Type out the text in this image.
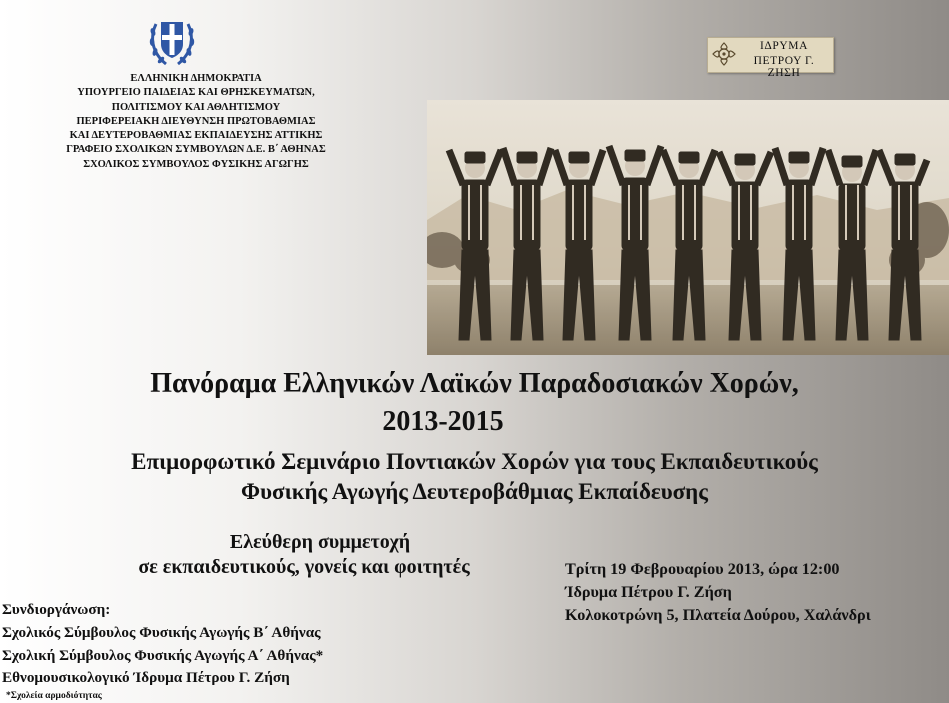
ΕΛΛΗΝΙΚΗ ΔΗΜΟΚΡΑΤΙΑ
ΥΠΟΥΡΓΕΙΟ ΠΑΙΔΕΙΑΣ ΚΑΙ ΘΡΗΣΚΕΥΜΑΤΩΝ,
ΠΟΛΙΤΙΣΜΟΥ ΚΑΙ ΑΘΛΗΤΙΣΜΟΥ
ΠΕΡΙΦΕΡΕΙΑΚΗ ΔΙΕΥΘΥΝΣΗ ΠΡΩΤΟΒΑΘΜΙΑΣ
ΚΑΙ ΔΕΥΤΕΡΟΒΑΘΜΙΑΣ ΕΚΠΑΙΔΕΥΣΗΣ ΑΤΤΙΚΗΣ
ΓΡΑΦΕΙΟ ΣΧΟΛΙΚΩΝ ΣΥΜΒΟΥΛΩΝ Δ.Ε. Β΄ ΑΘΗΝΑΣ
ΣΧΟΛΙΚΟΣ ΣΥΜΒΟΥΛΟΣ ΦΥΣΙΚΗΣ ΑΓΩΓΗΣ
ΙΔΡΥΜΑ
ΠΕΤΡΟΥ Γ. ΖΗΣΗ
Πανόραμα Ελληνικών Λαϊκών Παραδοσιακών Χορών,
2013-2015
Επιμορφωτικό Σεμινάριο Ποντιακών Χορών για τους Εκπαιδευτικούς
Φυσικής Αγωγής Δευτεροβάθμιας Εκπαίδευσης
Ελεύθερη συμμετοχή
σε εκπαιδευτικούς, γονείς και φοιτητές	Τρίτη 19 Φεβρουαρίου 2013, ώρα 12:00
Ίδρυμα Πέτρου Γ. Ζήση
Κολοκοτρώνη 5, Πλατεία Δούρου, Χαλάνδρι
Συνδιοργάνωση:
Σχολικός Σύμβουλος Φυσικής Αγωγής Β΄ Αθήνας
Σχολική Σύμβουλος Φυσικής Αγωγής Α΄ Αθήνας*
Εθνομουσικολογικό Ίδρυμα Πέτρου Γ. Ζήση
*Σχολεία αρμοδιότητας
